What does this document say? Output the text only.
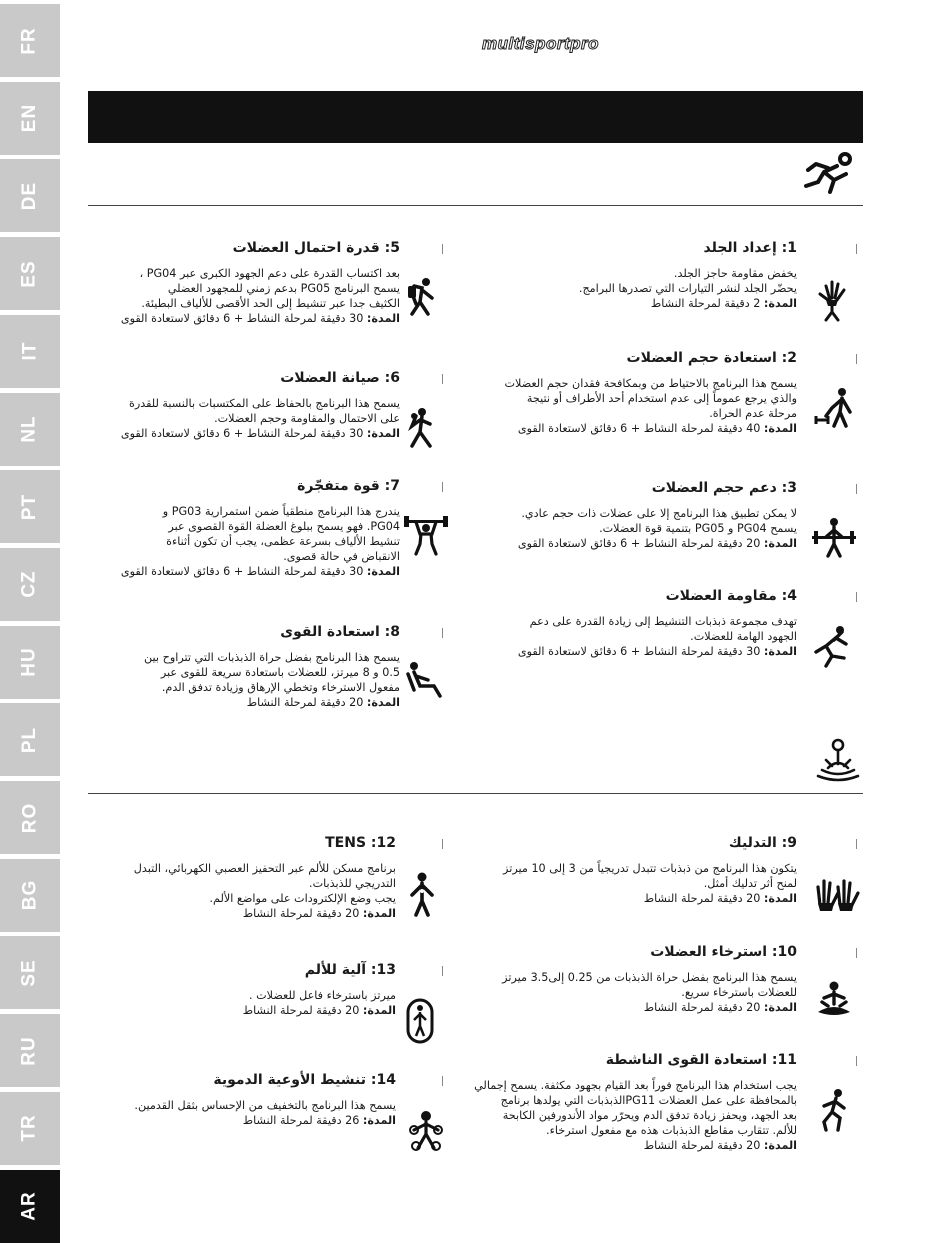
FR
EN
DE
ES
IT
NL
PT
CZ
HU
PL
RO
BG
SE
RU
TR
AR
multisportpro
5: قدرة احتمال العضلات
بعد اكتساب القدرة على دعم الجهود الكبرى عبر PG04 ،
يسمح البرنامج PG05 بدعم زمني للمجهود العضلي
الكثيف جدا عبر تنشيط إلى الحد الأقصى للألياف البطيئة.
المدة: 30 دقيقة لمرحلة النشاط + 6 دقائق لاستعادة القوى
6: صيانة العضلات
يسمح هذا البرنامج بالحفاظ على المكتسبات بالنسبة للقدرة
على الاحتمال والمقاومة وحجم العضلات.
المدة: 30 دقيقة لمرحلة النشاط + 6 دقائق لاستعادة القوى
7: قوة متفجّرة
يندرج هذا البرنامج منطقياً ضمن استمرارية PG03 و
PG04. فهو يسمح ببلوغ العضلة القوة القصوى عبر
تنشيط الألياف بسرعة عظمى، يجب أن تكون أثناءة
الانقباض في حالة قصوى.
المدة: 30 دقيقة لمرحلة النشاط + 6 دقائق لاستعادة القوى
8: استعادة القوى
يسمح هذا البرنامج بفضل حراة الذبذبات التي تتراوح بين
0.5 و 8 ميرتز، للعضلات باستعادة سريعة للقوى عبر
مفعول الاسترخاء وتخطي الإرهاق وزيادة تدفق الدم.
المدة: 20 دقيقة لمرحلة النشاط
1: إعداد الجلد
يخفض مقاومة حاجز الجلد.
يحضّر الجلد لنشر التيارات التي تصدرها البرامج.
المدة: 2 دقيقة لمرحلة النشاط
2: استعادة حجم العضلات
يسمح هذا البرنامج بالاحتياط من وبمكافحة فقدان حجم العضلات
والذي يرجع عموماً إلى عدم استخدام أحد الأطراف أو نتيجة
مرحلة عدم الحراة.
المدة: 40 دقيقة لمرحلة النشاط + 6 دقائق لاستعادة القوى
3: دعم حجم العضلات
لا يمكن تطبيق هذا البرنامج إلا على عضلات ذات حجم عادي.
يسمح PG04 و PG05 بتنمية قوة العضلات.
المدة: 20 دقيقة لمرحلة النشاط + 6 دقائق لاستعادة القوى
4: مقاومة العضلات
تهدف مجموعة ذبذبات التنشيط إلى زيادة القدرة على دعم
الجهود الهامة للعضلات.
المدة: 30 دقيقة لمرحلة النشاط + 6 دقائق لاستعادة القوى
TENS :12
برنامج مسكن للألم عبر التحفيز العصبي الكهربائي، التبدل
التدريجي للذبذبات.
يجب وضع الإلكترودات على مواضع الألم.
المدة: 20 دقيقة لمرحلة النشاط
13: آلية للألم
ميرتز باسترخاء فاعل للعضلات .
المدة: 20 دقيقة لمرحلة النشاط
14: تنشيط الأوعية الدموية
يسمح هذا البرنامج بالتخفيف من الإحساس بثقل القدمين.
المدة: 26 دقيقة لمرحلة النشاط
9: التدليك
يتكون هذا البرنامج من ذبذبات تتبدل تدريجياً من 3 إلى 10 ميرتز
لمنح أثر تدليك أمثل.
المدة: 20 دقيقة لمرحلة النشاط
10: استرخاء العضلات
يسمح هذا البرنامج بفضل حراة الذبذبات من 0.25 إلى3.5 ميرتز
للعضلات باسترخاء سريع.
المدة: 20 دقيقة لمرحلة النشاط
11: استعادة القوى الناشطة
يجب استخدام هذا البرنامج فوراً بعد القيام بجهود مكثفة. يسمح إجمالي
بالمحافظة على عمل العضلات PG11الذبذبات التي يولدها برنامج
بعد الجهد، ويحفز زيادة تدفق الدم ويحرّر مواد الأندورفين الكابحة
للألم. تتقارب مقاطع الذبذبات هذه مع مفعول استرخاء.
المدة: 20 دقيقة لمرحلة النشاط
